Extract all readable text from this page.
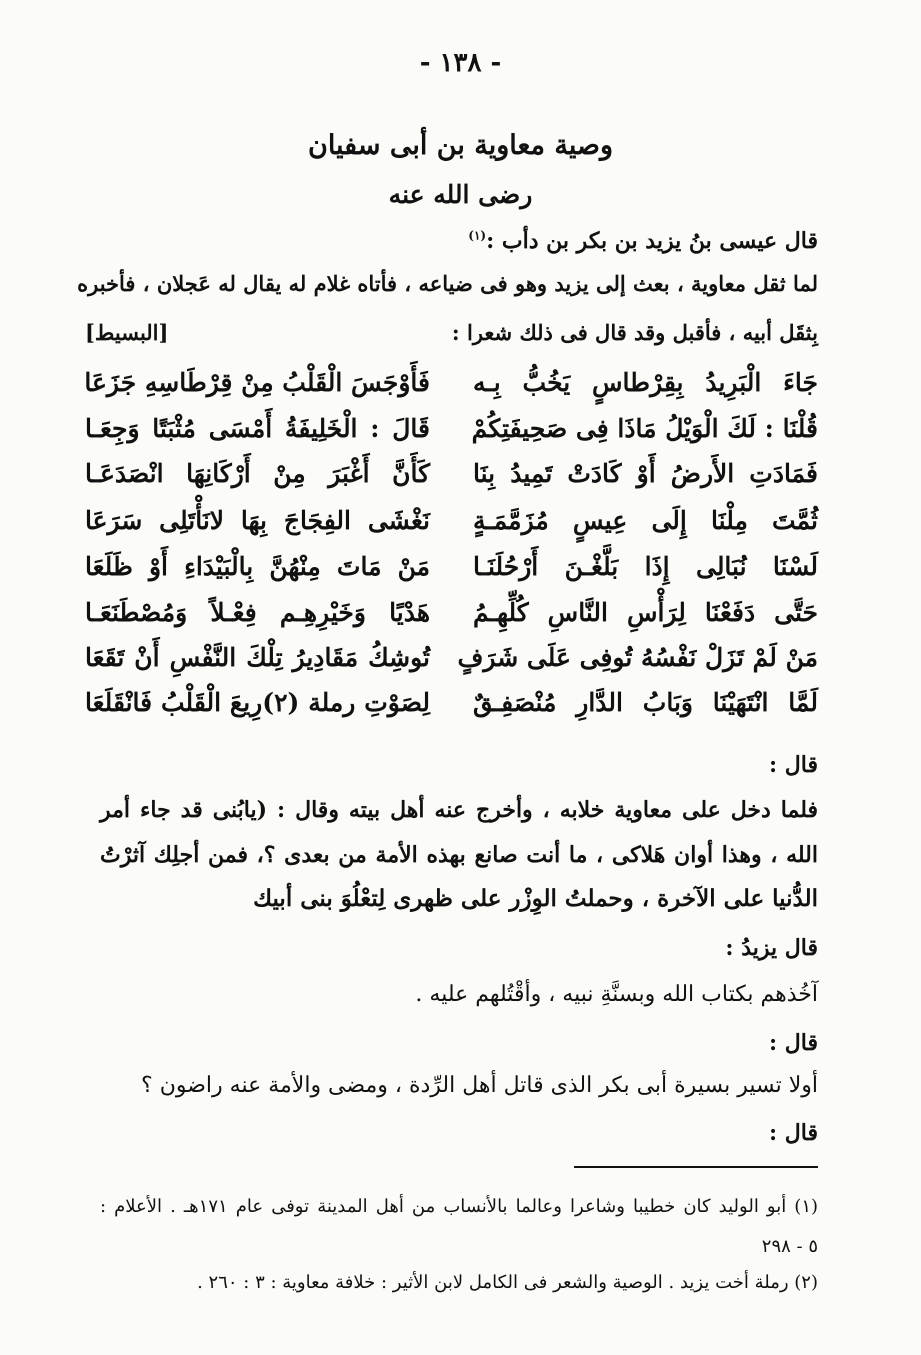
- ١٣٨ -
وصية معاوية بن أبى سفيان
رضى الله عنه
قال عيسى بنُ يزيد بن بكر بن دأب :$^{(١)}$
لما ثقل معاوية ، بعث إلى يزيد وهو فى ضياعه ، فأتاه غلام له يقال له عَجلان ، فأخبره
بِثقَل أبيه ، فأقبل وقد قال فى ذلك شعرا :
[البسيط]
جَاءَ الْبَرِيدُ بِقِرْطاسٍ يَخُبُّ بِـه
فَأَوْجَسَ الْقَلْبُ مِنْ قِرْطَاسِهِ جَزَعَا
قُلْنَا : لَكَ الْوَيْلُ مَاذَا فِى صَحِيفَتِكُمْ
قَالَ : الْخَلِيفَةُ أَمْسَى مُثْبَتًا وَجِعَـا
فَمَادَتِ الأَرضُ أَوْ كَادَتْ تَمِيدُ بِنَا
كَأَنَّ أَغْبَرَ مِنْ أَرْكَانِهَا انْصَدَعَـا
ثُمَّتَ مِلْنَا إِلَى عِيسٍ مُزَمَّمَـةٍ
نَغْشَى الفِجَاجَ بِهَا لانَأْتَلِى سَرَعَا
لَسْنَا نُبَالِى إِذَا بَلَّغْـنَ أَرْحُلَنَـا
مَنْ مَاتَ مِنْهُنَّ بِالْبَيْدَاءِ أَوْ ظَلَعَا
حَتَّى دَفَعْنَا لِرَأْسِ النَّاسِ كُلِّهِـمُ
هَدْيًا وَخَيْرِهِـم فِعْـلاً وَمُصْطَنَعَـا
مَنْ لَمْ تَزَلْ نَفْسُهُ تُوفِى عَلَى شَرَفٍ
تُوشِكُ مَقَادِيرُ تِلْكَ النَّفْسِ أَنْ تَقَعَا
لَمَّا انْتَهَيْنَا وَبَابُ الدَّارِ مُنْصَفِـقٌ
لِصَوْتِ رملة (٢)رِيعَ الْقَلْبُ فَانْقَلَعَا
قال :
فلما دخل على معاوية خلابه ، وأخرج عنه أهل بيته وقال : (يابُنى قد جاء أمر
الله ، وهذا أوان هَلاكى ، ما أنت صانع بهذه الأمة من بعدى ؟، فمن أجلِك آثرْتُ
الدُّنيا على الآخرة ، وحملتُ الوِزْر على ظهرى لِتعْلُوَ بنى أبيك
قال يزيدُ :
آخُذهم بكتاب الله وبسنَّةِ نبيه ، وأقْتُلهم عليه .
قال :
أولا تسير بسيرة أبى بكر الذى قاتل أهل الرِّدة ، ومضى والأمة عنه راضون ؟
قال :
(١) أبو الوليد كان خطيبا وشاعرا وعالما بالأنساب من أهل المدينة توفى عام ١٧١هـ . الأعلام :
٥ - ٢٩٨
(٢) رملة أخت يزيد . الوصية والشعر فى الكامل لابن الأثير : خلافة معاوية : ٣ : ٢٦٠ .
